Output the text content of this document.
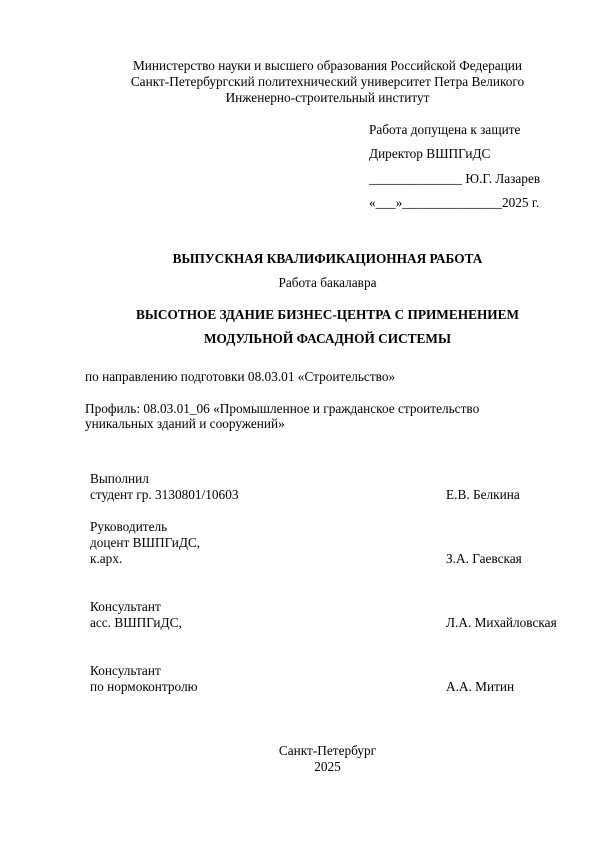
Министерство науки и высшего образования Российской Федерации
Санкт-Петербургский политехнический университет Петра Великого
Инженерно-строительный институт
Работа допущена к защите
Директор ВШПГиДС
______________ Ю.Г. Лазарев
«___»_______________2025 г.
ВЫПУСКНАЯ КВАЛИФИКАЦИОННАЯ РАБОТА
Работа бакалавра
ВЫСОТНОЕ ЗДАНИЕ БИЗНЕС-ЦЕНТРА С ПРИМЕНЕНИЕМ
МОДУЛЬНОЙ ФАСАДНОЙ СИСТЕМЫ
по направлению подготовки 08.03.01 «Строительство»
Профиль: 08.03.01_06 «Промышленное и гражданское строительство
уникальных зданий и сооружений»
Выполнил
студент гр. 3130801/10603	Е.В. Белкина
Руководитель
доцент ВШПГиДС,
к.арх.	З.А. Гаевская
Консультант
асс. ВШПГиДС,	Л.А. Михайловская
Консультант
по нормоконтролю	А.А. Митин
Санкт-Петербург
2025
